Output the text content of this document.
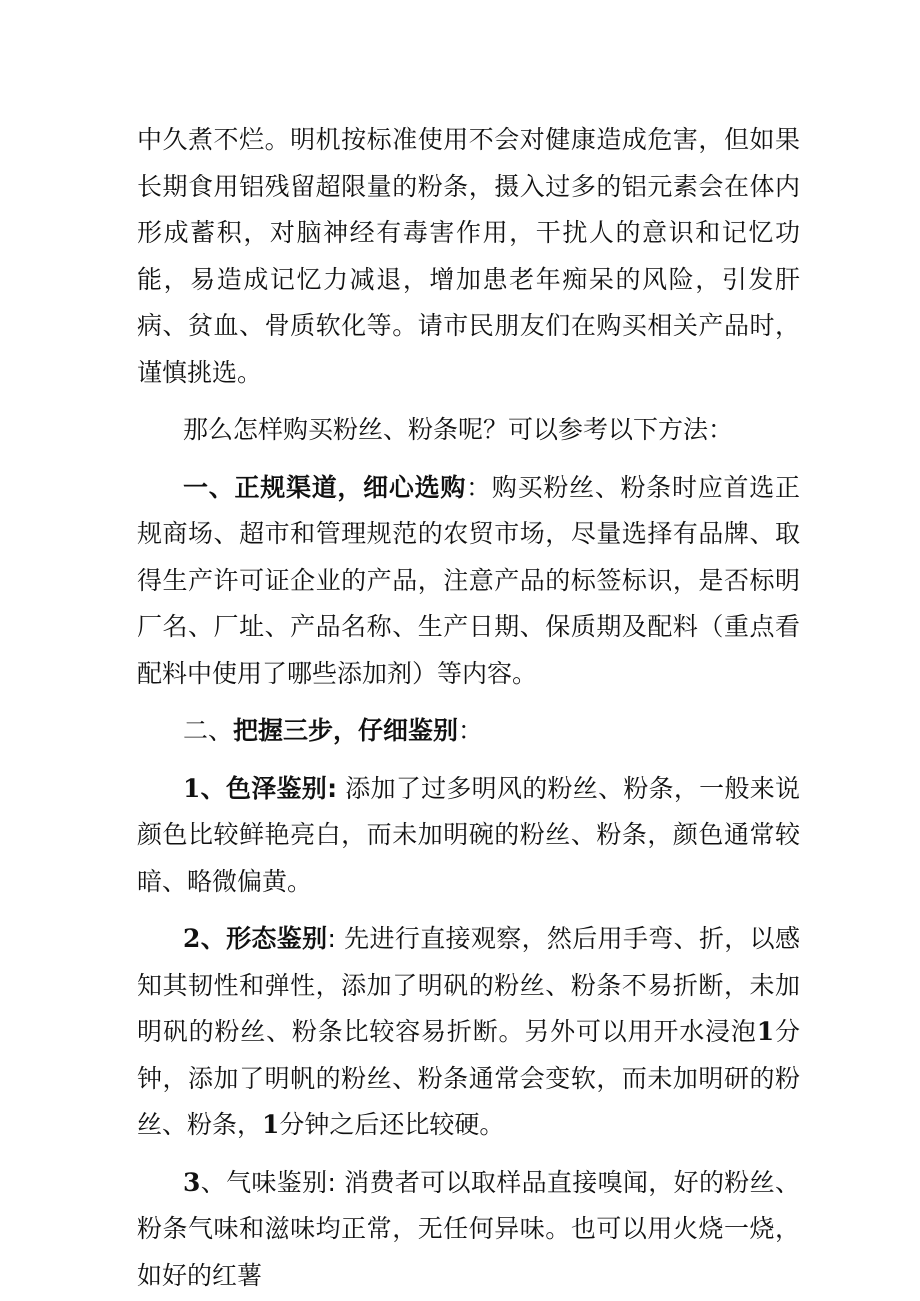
中久煮不烂。明机按标准使用不会对健康造成危害，但如果长期食用铝残留超限量的粉条，摄入过多的铝元素会在体内形成蓄积，对脑神经有毒害作用，干扰人的意识和记忆功能，易造成记忆力减退，增加患老年痴呆的风险，引发肝病、贫血、骨质软化等。请市民朋友们在购买相关产品时，谨慎挑选。

那么怎样购买粉丝、粉条呢？可以参考以下方法：

一、正规渠道，细心选购：购买粉丝、粉条时应首选正规商场、超市和管理规范的农贸市场，尽量选择有品牌、取得生产许可证企业的产品，注意产品的标签标识，是否标明厂名、厂址、产品名称、生产日期、保质期及配料（重点看配料中使用了哪些添加剂）等内容。

二、把握三步，仔细鉴别：

1、色泽鉴别: 添加了过多明风的粉丝、粉条，一般来说颜色比较鲜艳亮白，而未加明碗的粉丝、粉条，颜色通常较暗、略微偏黄。

2、形态鉴别: 先进行直接观察，然后用手弯、折，以感知其韧性和弹性，添加了明矾的粉丝、粉条不易折断，未加明矾的粉丝、粉条比较容易折断。另外可以用开水浸泡1分钟，添加了明帆的粉丝、粉条通常会变软，而未加明研的粉丝、粉条，1分钟之后还比较硬。

3、气味鉴别: 消费者可以取样品直接嗅闻，好的粉丝、粉条气味和滋味均正常，无任何异味。也可以用火烧一烧，如好的红薯
